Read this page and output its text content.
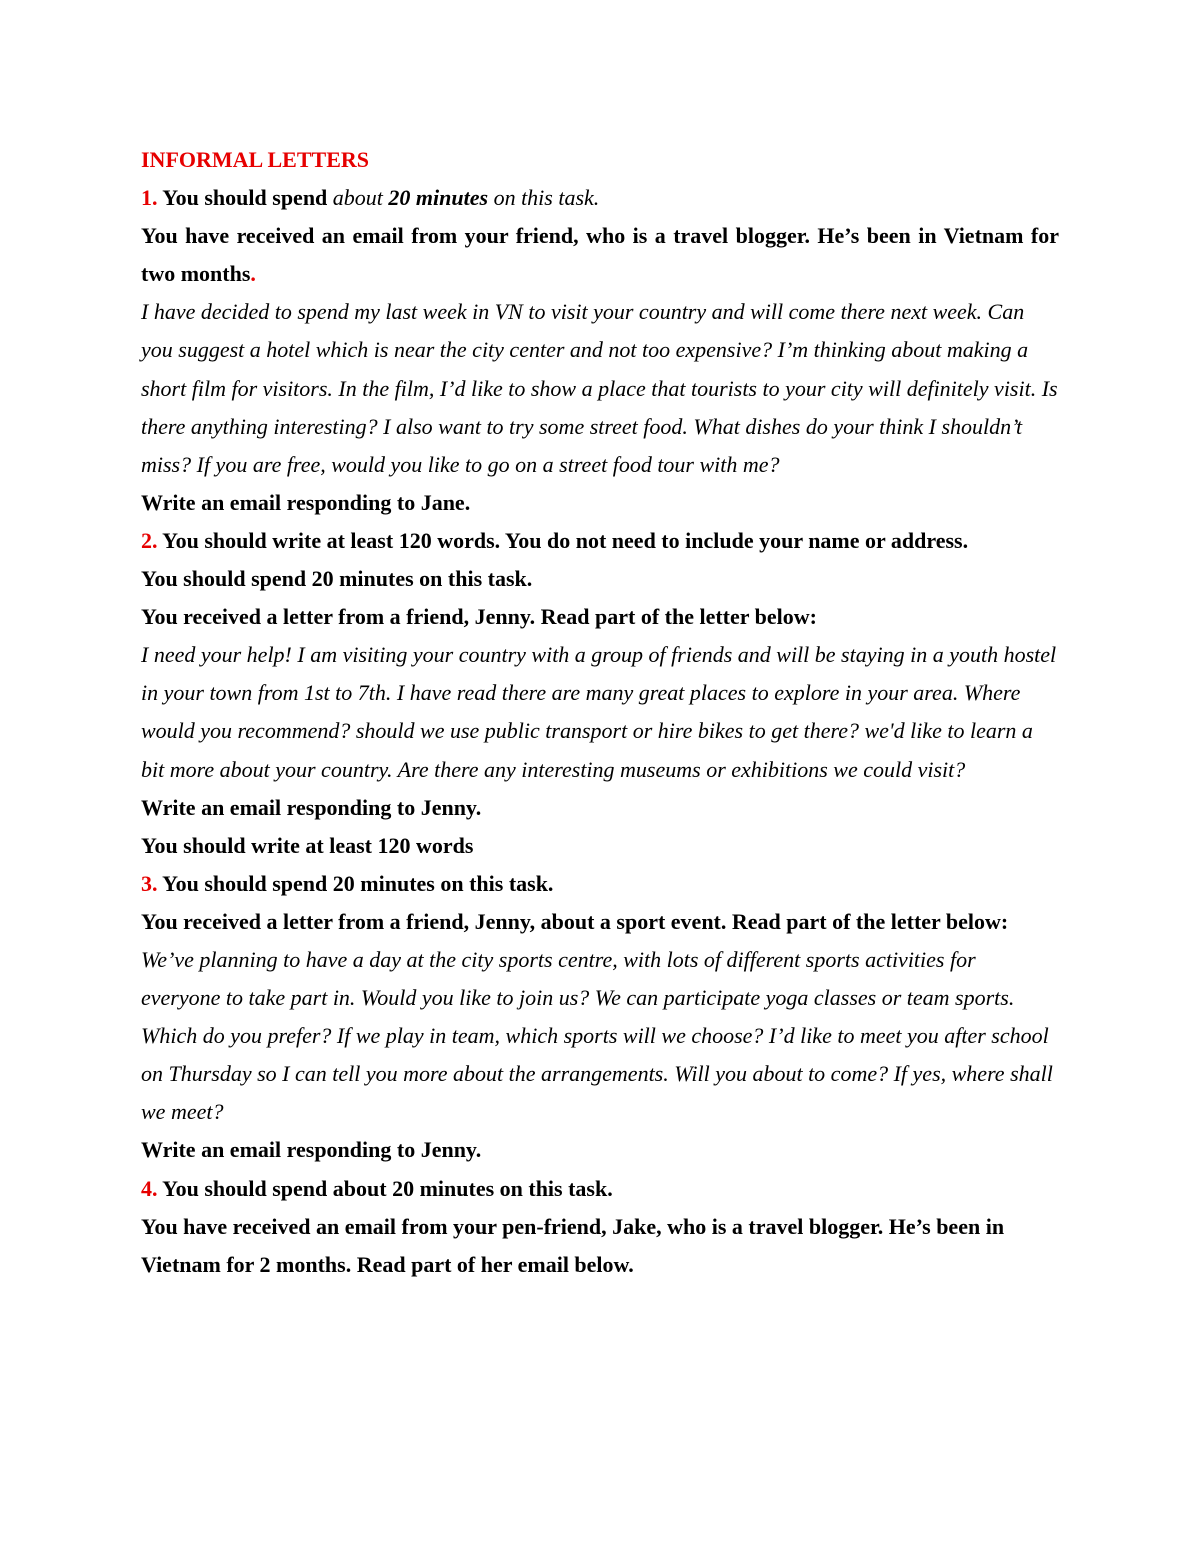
INFORMAL LETTERS

1. You should spend about 20 minutes on this task.

You have received an email from your friend, who is a travel blogger. He’s been in Vietnam for two months.

I have decided to spend my last week in VN to visit your country and will come there next week. Can you suggest a hotel which is near the city center and not too expensive? I’m thinking about making a short film for visitors. In the film, I’d like to show a place that tourists to your city will definitely visit. Is there anything interesting? I also want to try some street food. What dishes do your think I shouldn’t miss? If you are free, would you like to go on a street food tour with me?

Write an email responding to Jane.

2. You should write at least 120 words. You do not need to include your name or address.

You should spend 20 minutes on this task.

You received a letter from a friend, Jenny. Read part of the letter below:

I need your help! I am visiting your country with a group of friends and will be staying in a youth hostel in your town from 1st to 7th. I have read there are many great places to explore in your area. Where would you recommend? should we use public transport or hire bikes to get there? we'd like to learn a bit more about your country. Are there any interesting museums or exhibitions we could visit?

Write an email responding to Jenny.

You should write at least 120 words

3. You should spend 20 minutes on this task.

You received a letter from a friend, Jenny, about a sport event. Read part of the letter below:

We’ve planning to have a day at the city sports centre, with lots of different sports activities for everyone to take part in. Would you like to join us? We can participate yoga classes or team sports. Which do you prefer? If we play in team, which sports will we choose? I’d like to meet you after school on Thursday so I can tell you more about the arrangements. Will you about to come? If yes, where shall we meet?

Write an email responding to Jenny.

4. You should spend about 20 minutes on this task.

You have received an email from your pen-friend, Jake, who is a travel blogger. He’s been in Vietnam for 2 months. Read part of her email below.
